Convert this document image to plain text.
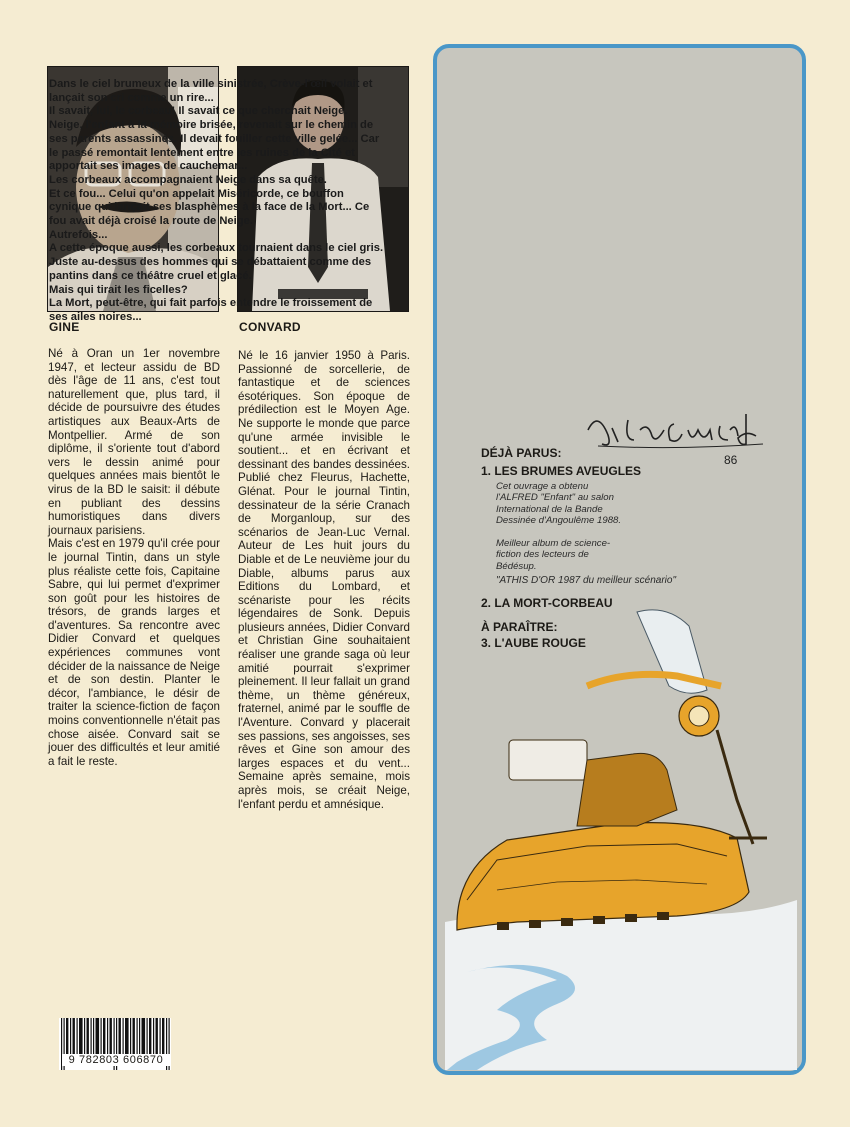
GINE	CONVARD

Né à Oran un 1er novembre 1947, et lecteur assidu de BD dès l'âge de 11 ans, c'est tout naturellement que, plus tard, il décide de poursuivre des études artistiques aux Beaux-Arts de Montpellier. Armé de son diplôme, il s'oriente tout d'abord vers le dessin animé pour quelques années mais bientôt le virus de la BD le saisit: il débute en publiant des dessins humoristiques dans divers journaux parisiens.

Mais c'est en 1979 qu'il crée pour le journal Tintin, dans un style plus réaliste cette fois, Capitaine Sabre, qui lui permet d'exprimer son goût pour les histoires de trésors, de grands larges et d'aventures. Sa rencontre avec Didier Convard et quelques expériences communes vont décider de la naissance de Neige et de son destin. Planter le décor, l'ambiance, le désir de traiter la science-fiction de façon moins conventionnelle n'était pas chose aisée. Convard sait se jouer des difficultés et leur amitié a fait le reste.

Né le 16 janvier 1950 à Paris. Passionné de sorcellerie, de fantastique et de sciences ésotériques. Son époque de prédilection est le Moyen Age. Ne supporte le monde que parce qu'une armée invisible le soutient... et en écrivant et dessinant des bandes dessinées. Publié chez Fleurus, Hachette, Glénat. Pour le journal Tintin, dessinateur de la série Cranach de Morganloup, sur des scénarios de Jean-Luc Vernal. Auteur de Les huit jours du Diable et de Le neuvième jour du Diable, albums parus aux Editions du Lombard, et scénariste pour les récits légendaires de Sonk. Depuis plusieurs années, Didier Convard et Christian Gine souhaitaient réaliser une grande saga où leur amitié pourrait s'exprimer pleinement. Il leur fallait un grand thème, un thème généreux, fraternel, animé par le souffle de l'Aventure. Convard y placerait ses passions, ses angoisses, ses rêves et Gine son amour des larges espaces et du vent... Semaine après semaine, mois après mois, se créait Neige, l'enfant perdu et amnésique.

Dans le ciel brumeux de la ville sinistrée, Crève-l'œil volait et lançait son cri comme un rire...

Il savait, lui, le corbeau! Il savait ce que cherchait Neige.

Neige, l'enfant à la mémoire brisée, revenait sur le chemin de ses parents assassinés. Il devait fouiller cette ville gelée... Car le passé remontait lentement entre les ruines de la Cité et apportait ses images de cauchemar...

Les corbeaux accompagnaient Neige dans sa quête.

Et ce fou... Celui qu'on appelait Miséricorde, ce bouffon cynique qui lançait ses blasphèmes à la face de la Mort... Ce fou avait déjà croisé la route de Neige.

Autrefois...

A cette époque aussi, les corbeaux tournaient dans le ciel gris. Juste au-dessus des hommes qui se débattaient comme des pantins dans ce théâtre cruel et glacé.

Mais qui tirait les ficelles?

La Mort, peut-être, qui fait parfois entendre le froissement de ses ailes noires...

86
DÉJÀ PARUS:
1. LES BRUMES AVEUGLES
Cet ouvrage a obtenu l'ALFRED "Enfant" au salon International de la Bande Dessinée d'Angoulême 1988.
Meilleur album de science-fiction des lecteurs de Bédésup.
"ATHIS D'OR 1987 du meilleur scénario"
2. LA MORT-CORBEAU
À PARAÎTRE:
3. L'AUBE ROUGE
9 782803 606870
